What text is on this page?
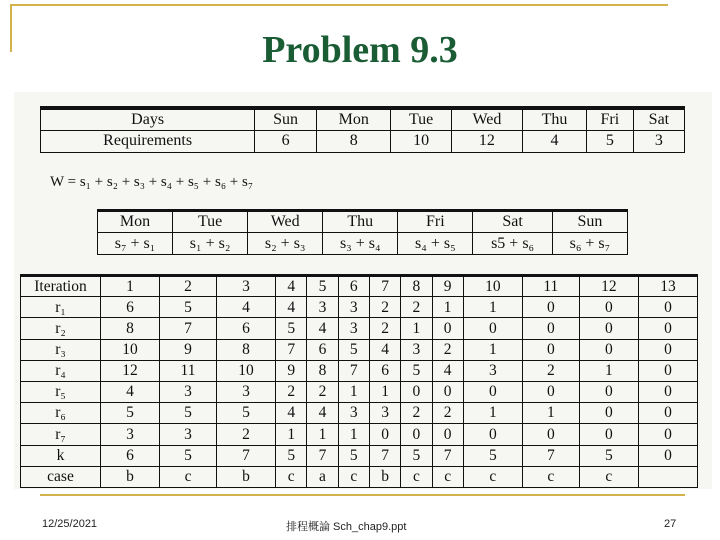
Problem 9.3
Days	Sun	Mon	Tue	Wed	Thu	Fri	Sat
Requirements	6	8	10	12	4	5	3
W = s₁ + s₂ + s₃ + s₄ + s₅ + s₆ + s₇
Mon	Tue	Wed	Thu	Fri	Sat	Sun
s₇ + s₁	s₁ + s₂	s₂ + s₃	s₃ + s₄	s₄ + s₅	s5 + s₆	s₆ + s₇
Iteration	1	2	3	4	5	6	7	8	9	10	11	12	13
r₁	6	5	4	4	3	3	2	2	1	1	0	0	0
r₂	8	7	6	5	4	3	2	1	0	0	0	0	0
r₃	10	9	8	7	6	5	4	3	2	1	0	0	0
r₄	12	11	10	9	8	7	6	5	4	3	2	1	0
r₅	4	3	3	2	2	1	1	0	0	0	0	0	0
r₆	5	5	5	4	4	3	3	2	2	1	1	0	0
r₇	3	3	2	1	1	1	0	0	0	0	0	0	0
k	6	5	7	5	7	5	7	5	7	5	7	5	0
case	b	c	b	c	a	c	b	c	c	c	c	c	
12/25/2021	排程概論 Sch_chap9.ppt	27
